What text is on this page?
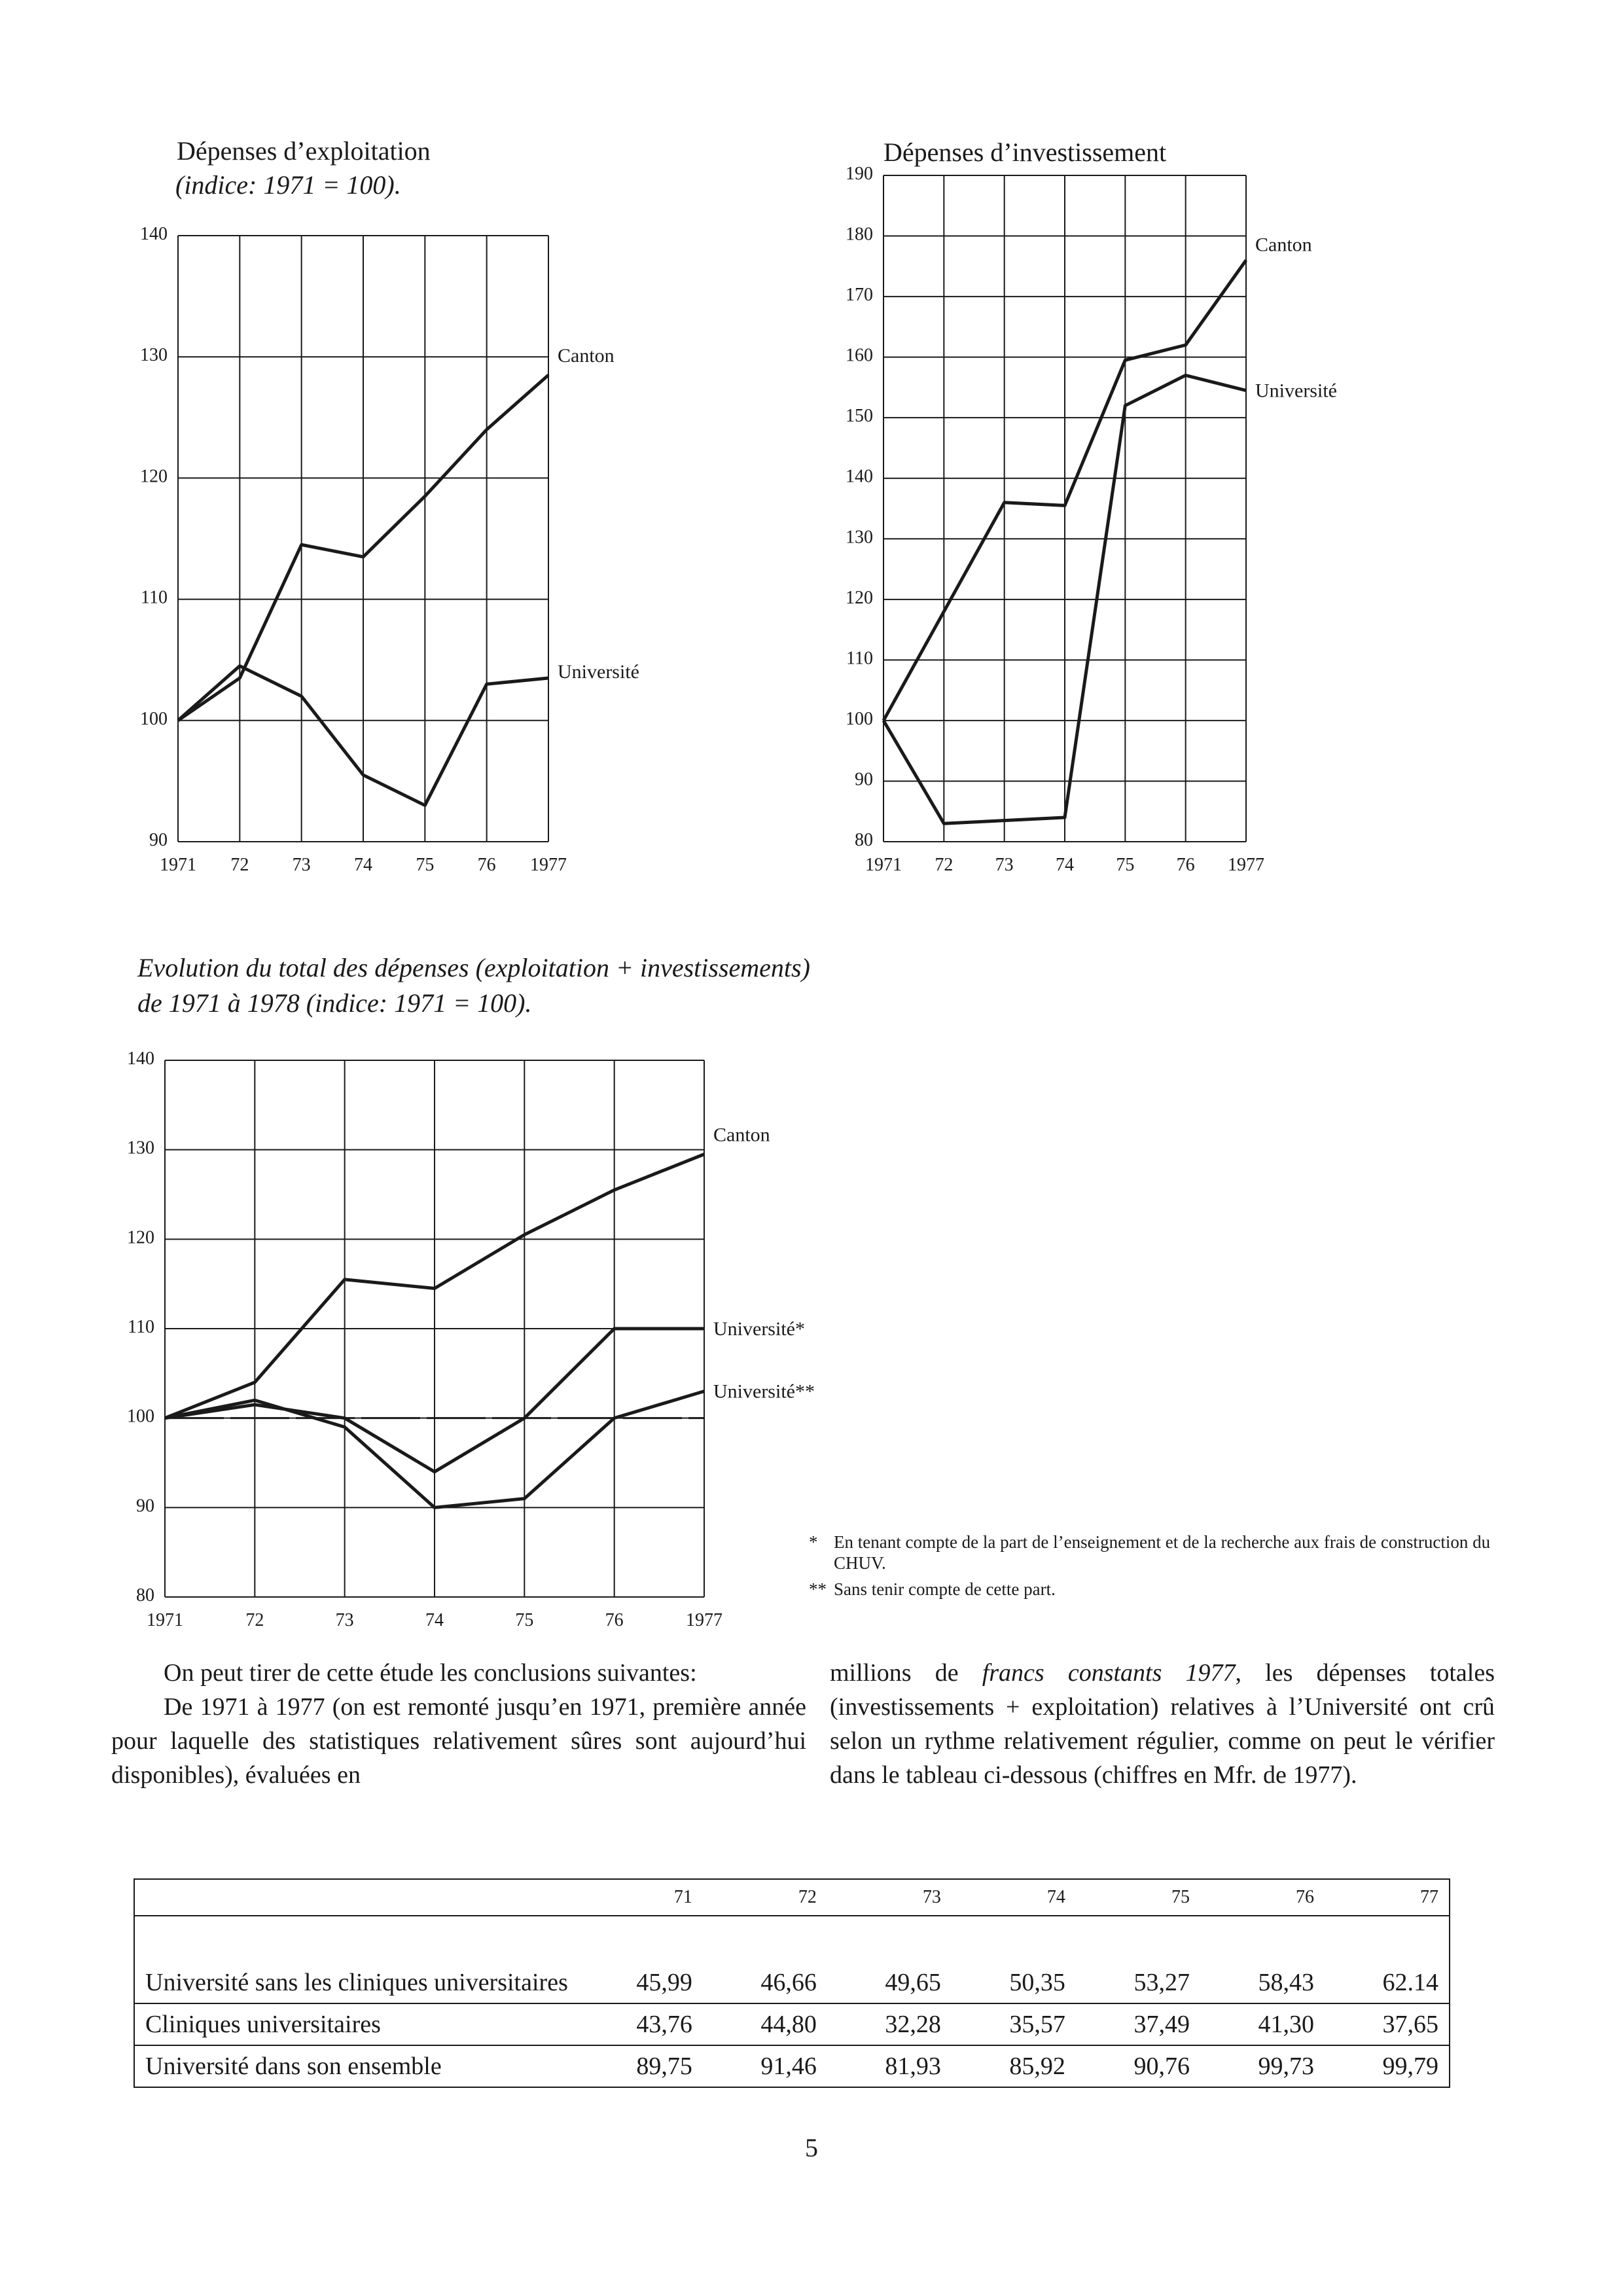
Dépenses d’exploitation
(indice: 1971 = 100).
90
100
110
120
130
140
1971 72 73 74 75 76 1977
Canton
Université
Dépenses d’investissement
80
90
100
110
120
130
140
150
160
170
180
190
1971 72 73 74 75 76 1977
Canton
Université
Evolution du total des dépenses (exploitation + investissements)
de 1971 à 1978 (indice: 1971 = 100).
80
90
100
110
120
130
140
1971	72	73	74	75	76	1977
Canton
Université*
Université**
* En tenant compte de la part de l’enseignement et de la recherche aux frais de construction du CHUV.
** Sans tenir compte de cette part.

On peut tirer de cette étude les conclusions suivantes:

De 1971 à 1977 (on est remonté jusqu’en 1971, première année pour laquelle des statistiques relativement sûres sont aujourd’hui disponibles), évaluées en

millions de francs constants 1977, les dépenses totales (investissements + exploitation) relatives à l’Université ont crû selon un rythme relativement régulier, comme on peut le vérifier dans le tableau ci-dessous (chiffres en Mfr. de 1977).

	71	72	73	74	75	76	77

Université sans les cliniques universitaires	45,99	46,66	49,65	50,35	53,27	58,43	62.14
Cliniques universitaires	43,76	44,80	32,28	35,57	37,49	41,30	37,65
Université dans son ensemble	89,75	91,46	81,93	85,92	90,76	99,73	99,79
5
